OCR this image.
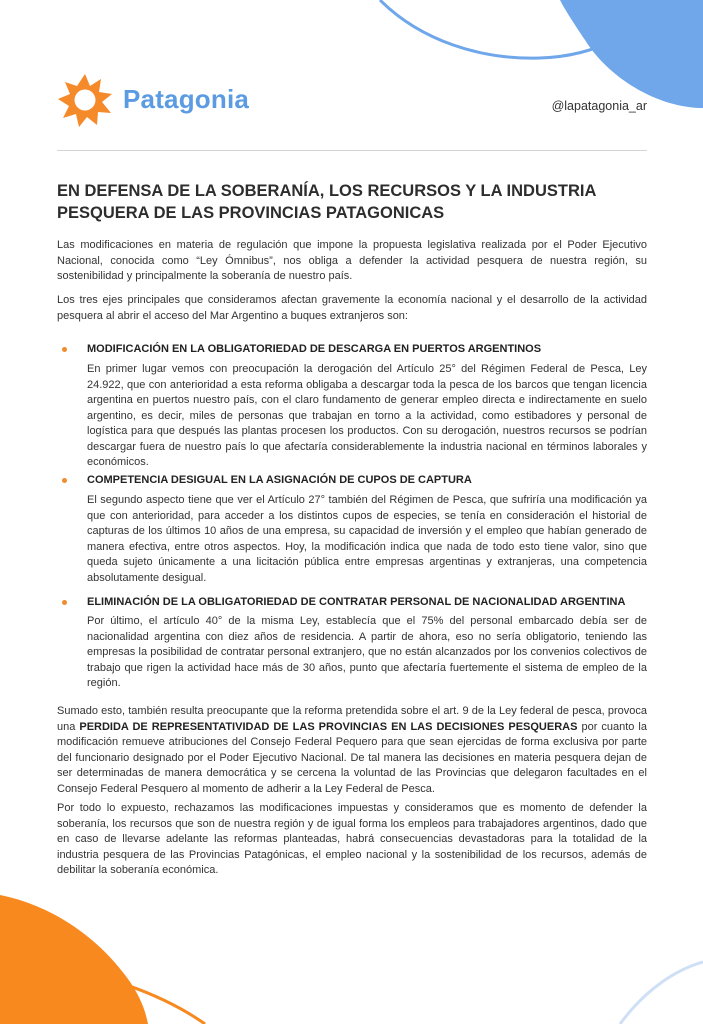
Patagonia	@lapatagonia_ar
EN DEFENSA DE LA SOBERANÍA, LOS RECURSOS Y LA INDUSTRIA PESQUERA DE LAS PROVINCIAS PATAGONICAS

Las modificaciones en materia de regulación que impone la propuesta legislativa realizada por el Poder Ejecutivo Nacional, conocida como “Ley Ómnibus”, nos obliga a defender la actividad pesquera de nuestra región, su sostenibilidad y principalmente la soberanía de nuestro país.

Los tres ejes principales que consideramos afectan gravemente la economía nacional y el desarrollo de la actividad pesquera al abrir el acceso del Mar Argentino a buques extranjeros son:

MODIFICACIÓN EN LA OBLIGATORIEDAD DE DESCARGA EN PUERTOS ARGENTINOS

En primer lugar vemos con preocupación la derogación del Artículo 25° del Régimen Federal de Pesca, Ley 24.922, que con anterioridad a esta reforma obligaba a descargar toda la pesca de los barcos que tengan licencia argentina en puertos nuestro país, con el claro fundamento de generar empleo directa e indirectamente en suelo argentino, es decir, miles de personas que trabajan en torno a la actividad, como estibadores y personal de logística para que después las plantas procesen los productos. Con su derogación, nuestros recursos se podrían descargar fuera de nuestro país lo que afectaría considerablemente la industria nacional en términos laborales y económicos.

COMPETENCIA DESIGUAL EN LA ASIGNACIÓN DE CUPOS DE CAPTURA

El segundo aspecto tiene que ver el Artículo 27° también del Régimen de Pesca, que sufriría una modificación ya que con anterioridad, para acceder a los distintos cupos de especies, se tenía en consideración el historial de capturas de los últimos 10 años de una empresa, su capacidad de inversión y el empleo que habían generado de manera efectiva, entre otros aspectos. Hoy, la modificación indica que nada de todo esto tiene valor, sino que queda sujeto únicamente a una licitación pública entre empresas argentinas y extranjeras, una competencia absolutamente desigual.

ELIMINACIÓN DE LA OBLIGATORIEDAD DE CONTRATAR PERSONAL DE NACIONALIDAD ARGENTINA

Por último, el artículo 40° de la misma Ley, establecía que el 75% del personal embarcado debía ser de nacionalidad argentina con diez años de residencia. A partir de ahora, eso no sería obligatorio, teniendo las empresas la posibilidad de contratar personal extranjero, que no están alcanzados por los convenios colectivos de trabajo que rigen la actividad hace más de 30 años, punto que afectaría fuertemente el sistema de empleo de la región.

Sumado esto, también resulta preocupante que la reforma pretendida sobre el art. 9 de la Ley federal de pesca, provoca una PERDIDA DE REPRESENTATIVIDAD DE LAS PROVINCIAS EN LAS DECISIONES PESQUERAS por cuanto la modificación remueve atribuciones del Consejo Federal Pequero para que sean ejercidas de forma exclusiva por parte del funcionario designado por el Poder Ejecutivo Nacional. De tal manera las decisiones en materia pesquera dejan de ser determinadas de manera democrática y se cercena la voluntad de las Provincias que delegaron facultades en el Consejo Federal Pesquero al momento de adherir a la Ley Federal de Pesca.

Por todo lo expuesto, rechazamos las modificaciones impuestas y consideramos que es momento de defender la soberanía, los recursos que son de nuestra región y de igual forma los empleos para trabajadores argentinos, dado que en caso de llevarse adelante las reformas planteadas, habrá consecuencias devastadoras para la totalidad de la industria pesquera de las Provincias Patagónicas, el empleo nacional y la sostenibilidad de los recursos, además de debilitar la soberanía económica.
